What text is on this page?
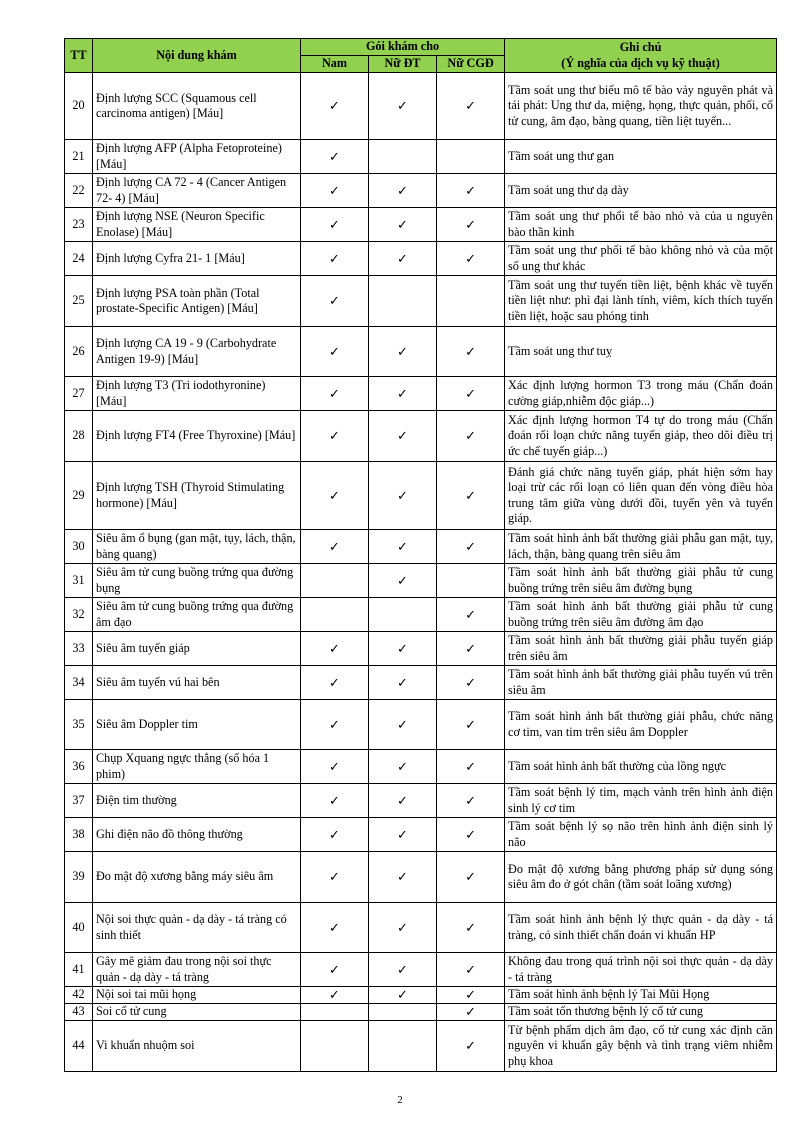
TT	Nội dung khám	Gói khám cho			Ghi chú
(Ý nghĩa của dịch vụ kỹ thuật)

		Nam	Nữ ĐT	Nữ CGĐ	
20	Định lượng SCC (Squamous cell carcinoma antigen) [Máu]	✓	✓	✓	Tầm soát ung thư biểu mô tế bào vảy nguyên phát và tái phát: Ung thư da, miệng, họng, thực quản, phổi, cổ tử cung, âm đạo, bàng quang, tiền liệt tuyến...
21	Định lượng AFP (Alpha Fetoproteine) [Máu]	✓			Tầm soát ung thư gan
22	Định lượng CA 72 - 4 (Cancer Antigen 72- 4) [Máu]	✓	✓	✓	Tầm soát ung thư dạ dày
23	Định lượng NSE (Neuron Specific Enolase) [Máu]	✓	✓	✓	Tầm soát ung thư phổi tế bào nhỏ và của u nguyên bào thần kinh
24	Định lượng Cyfra 21- 1 [Máu]	✓	✓	✓	Tầm soát ung thư phổi tế bào không nhỏ và của một số ung thư khác
25	Định lượng PSA toàn phần (Total prostate-Specific Antigen) [Máu]	✓			Tầm soát ung thư tuyến tiền liệt, bệnh khác về tuyến tiền liệt như: phì đại lành tính, viêm, kích thích tuyến tiền liệt, hoặc sau phóng tinh
26	Định lượng CA 19 - 9 (Carbohydrate Antigen 19-9) [Máu]	✓	✓	✓	Tầm soát ung thư tuỵ
27	Định lượng T3 (Tri iodothyronine) [Máu]	✓	✓	✓	Xác định lượng hormon T3 trong máu (Chẩn đoán cường giáp,nhiễm độc giáp...)
28	Định lượng FT4 (Free Thyroxine) [Máu]	✓	✓	✓	Xác định lượng hormon T4 tự do trong máu (Chẩn đoán rối loạn chức năng tuyến giáp, theo dõi điều trị ức chế tuyến giáp...)
29	Định lượng TSH (Thyroid Stimulating hormone) [Máu]	✓	✓	✓	Đánh giá chức năng tuyến giáp, phát hiện sớm hay loại trừ các rối loạn có liên quan đến vòng điều hòa trung tâm giữa vùng dưới đồi, tuyến yên và tuyến giáp.
30	Siêu âm ổ bụng (gan mật, tụy, lách, thận, bàng quang)	✓	✓	✓	Tầm soát hình ảnh bất thường giải phẫu gan mật, tụy, lách, thận, bàng quang trên siêu âm
31	Siêu âm tử cung buồng trứng qua đường bụng		✓		Tầm soát hình ảnh bất thường giải phẫu tử cung buồng trứng trên siêu âm đường bụng
32	Siêu âm tử cung buồng trứng qua đường âm đạo			✓	Tầm soát hình ảnh bất thường giải phẫu tử cung buồng trứng trên siêu âm đường âm đạo
33	Siêu âm tuyến giáp	✓	✓	✓	Tầm soát hình ảnh bất thường giải phẫu tuyến giáp trên siêu âm
34	Siêu âm tuyến vú hai bên	✓	✓	✓	Tầm soát hình ảnh bất thường giải phẫu tuyến vú trên siêu âm
35	Siêu âm Doppler tim	✓	✓	✓	Tầm soát hình ảnh bất thường giải phẫu, chức năng cơ tim, van tim trên siêu âm Doppler
36	Chụp Xquang ngực thẳng (số hóa 1 phim)	✓	✓	✓	Tầm soát hình ảnh bất thường của lồng ngực
37	Điện tim thường	✓	✓	✓	Tầm soát bệnh lý tim, mạch vành trên hình ảnh điện sinh lý cơ tim
38	Ghi điện não đồ thông thường	✓	✓	✓	Tầm soát bệnh lý sọ não trên hình ảnh điện sinh lý não
39	Đo mật độ xương bằng máy siêu âm	✓	✓	✓	Đo mật độ xương bằng phương pháp sử dụng sóng siêu âm đo ở gót chân (tầm soát loãng xương)
40	Nội soi thực quản - dạ dày - tá tràng có sinh thiết	✓	✓	✓	Tầm soát hình ảnh bệnh lý thực quản - dạ dày - tá tràng, có sinh thiết chẩn đoán vi khuẩn HP
41	Gây mê giảm đau trong nội soi thực quản - dạ dày - tá tràng	✓	✓	✓	Không đau trong quá trình nội soi thực quản - dạ dày - tá tràng
42	Nội soi tai mũi họng	✓	✓	✓	Tầm soát hình ảnh bệnh lý Tai Mũi Họng
43	Soi cổ tử cung			✓	Tầm soát tổn thương bệnh lý cổ tử cung
44	Vi khuẩn nhuộm soi			✓	Từ bệnh phẩm dịch âm đạo, cổ tử cung xác định căn nguyên vi khuẩn gây bệnh và tình trạng viêm nhiễm phụ khoa
2
